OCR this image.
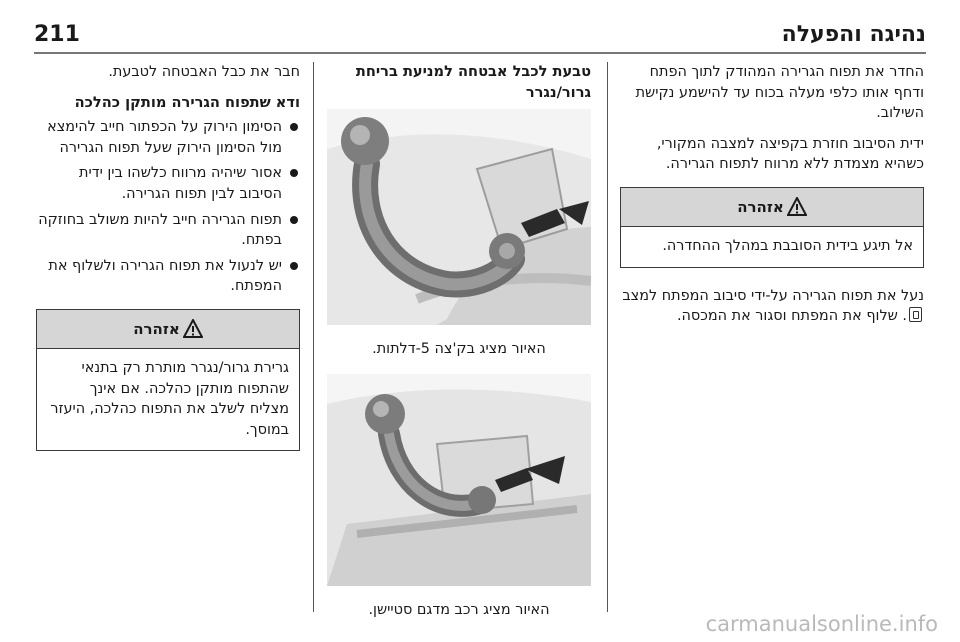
211	נהיגה והפעלה

החדר את תפוח הגרירה המהודק לתוך הפתח ודחף אותו כלפי מעלה בכוח עד להישמע נקישת השילוב.

ידית הסיבוב חוזרת בקפיצה למצבה המקורי, כשהיא מצמדת ללא מרווח לתפוח הגרירה.

אזהרה
אל תיגע בידית הסובבת במהלך ההחדרה.

נעל את תפוח הגרירה על-ידי סיבוב המפתח למצב . שלוף את המפתח וסגור את המכסה.

טבעת לכבל אבטחה למניעת בריחת גרור/נגרר

האיור מציג בק'צה 5-דלתות.

האיור מציג רכב מדגם סטיישן.

חבר את כבל האבטחה לטבעת.

ודא שתפוח הגרירה מותקן כהלכה
הסימון הירוק על הכפתור חייב להימצא מול הסימון הירוק שעל תפוח הגרירה
אסור שיהיה מרווח כלשהו בין ידית הסיבוב לבין תפוח הגרירה.
תפוח הגרירה חייב להיות משולב בחוזקה בפתח.
יש לנעול את תפוח הגרירה ולשלוף את המפתח.
אזהרה
גרירת גרור/נגרר מותרת רק בתנאי שהתפוח מותקן כהלכה. אם אינך מצליח לשלב את התפוח כהלכה, היעזר במוסך.
carmanualsonline.info
